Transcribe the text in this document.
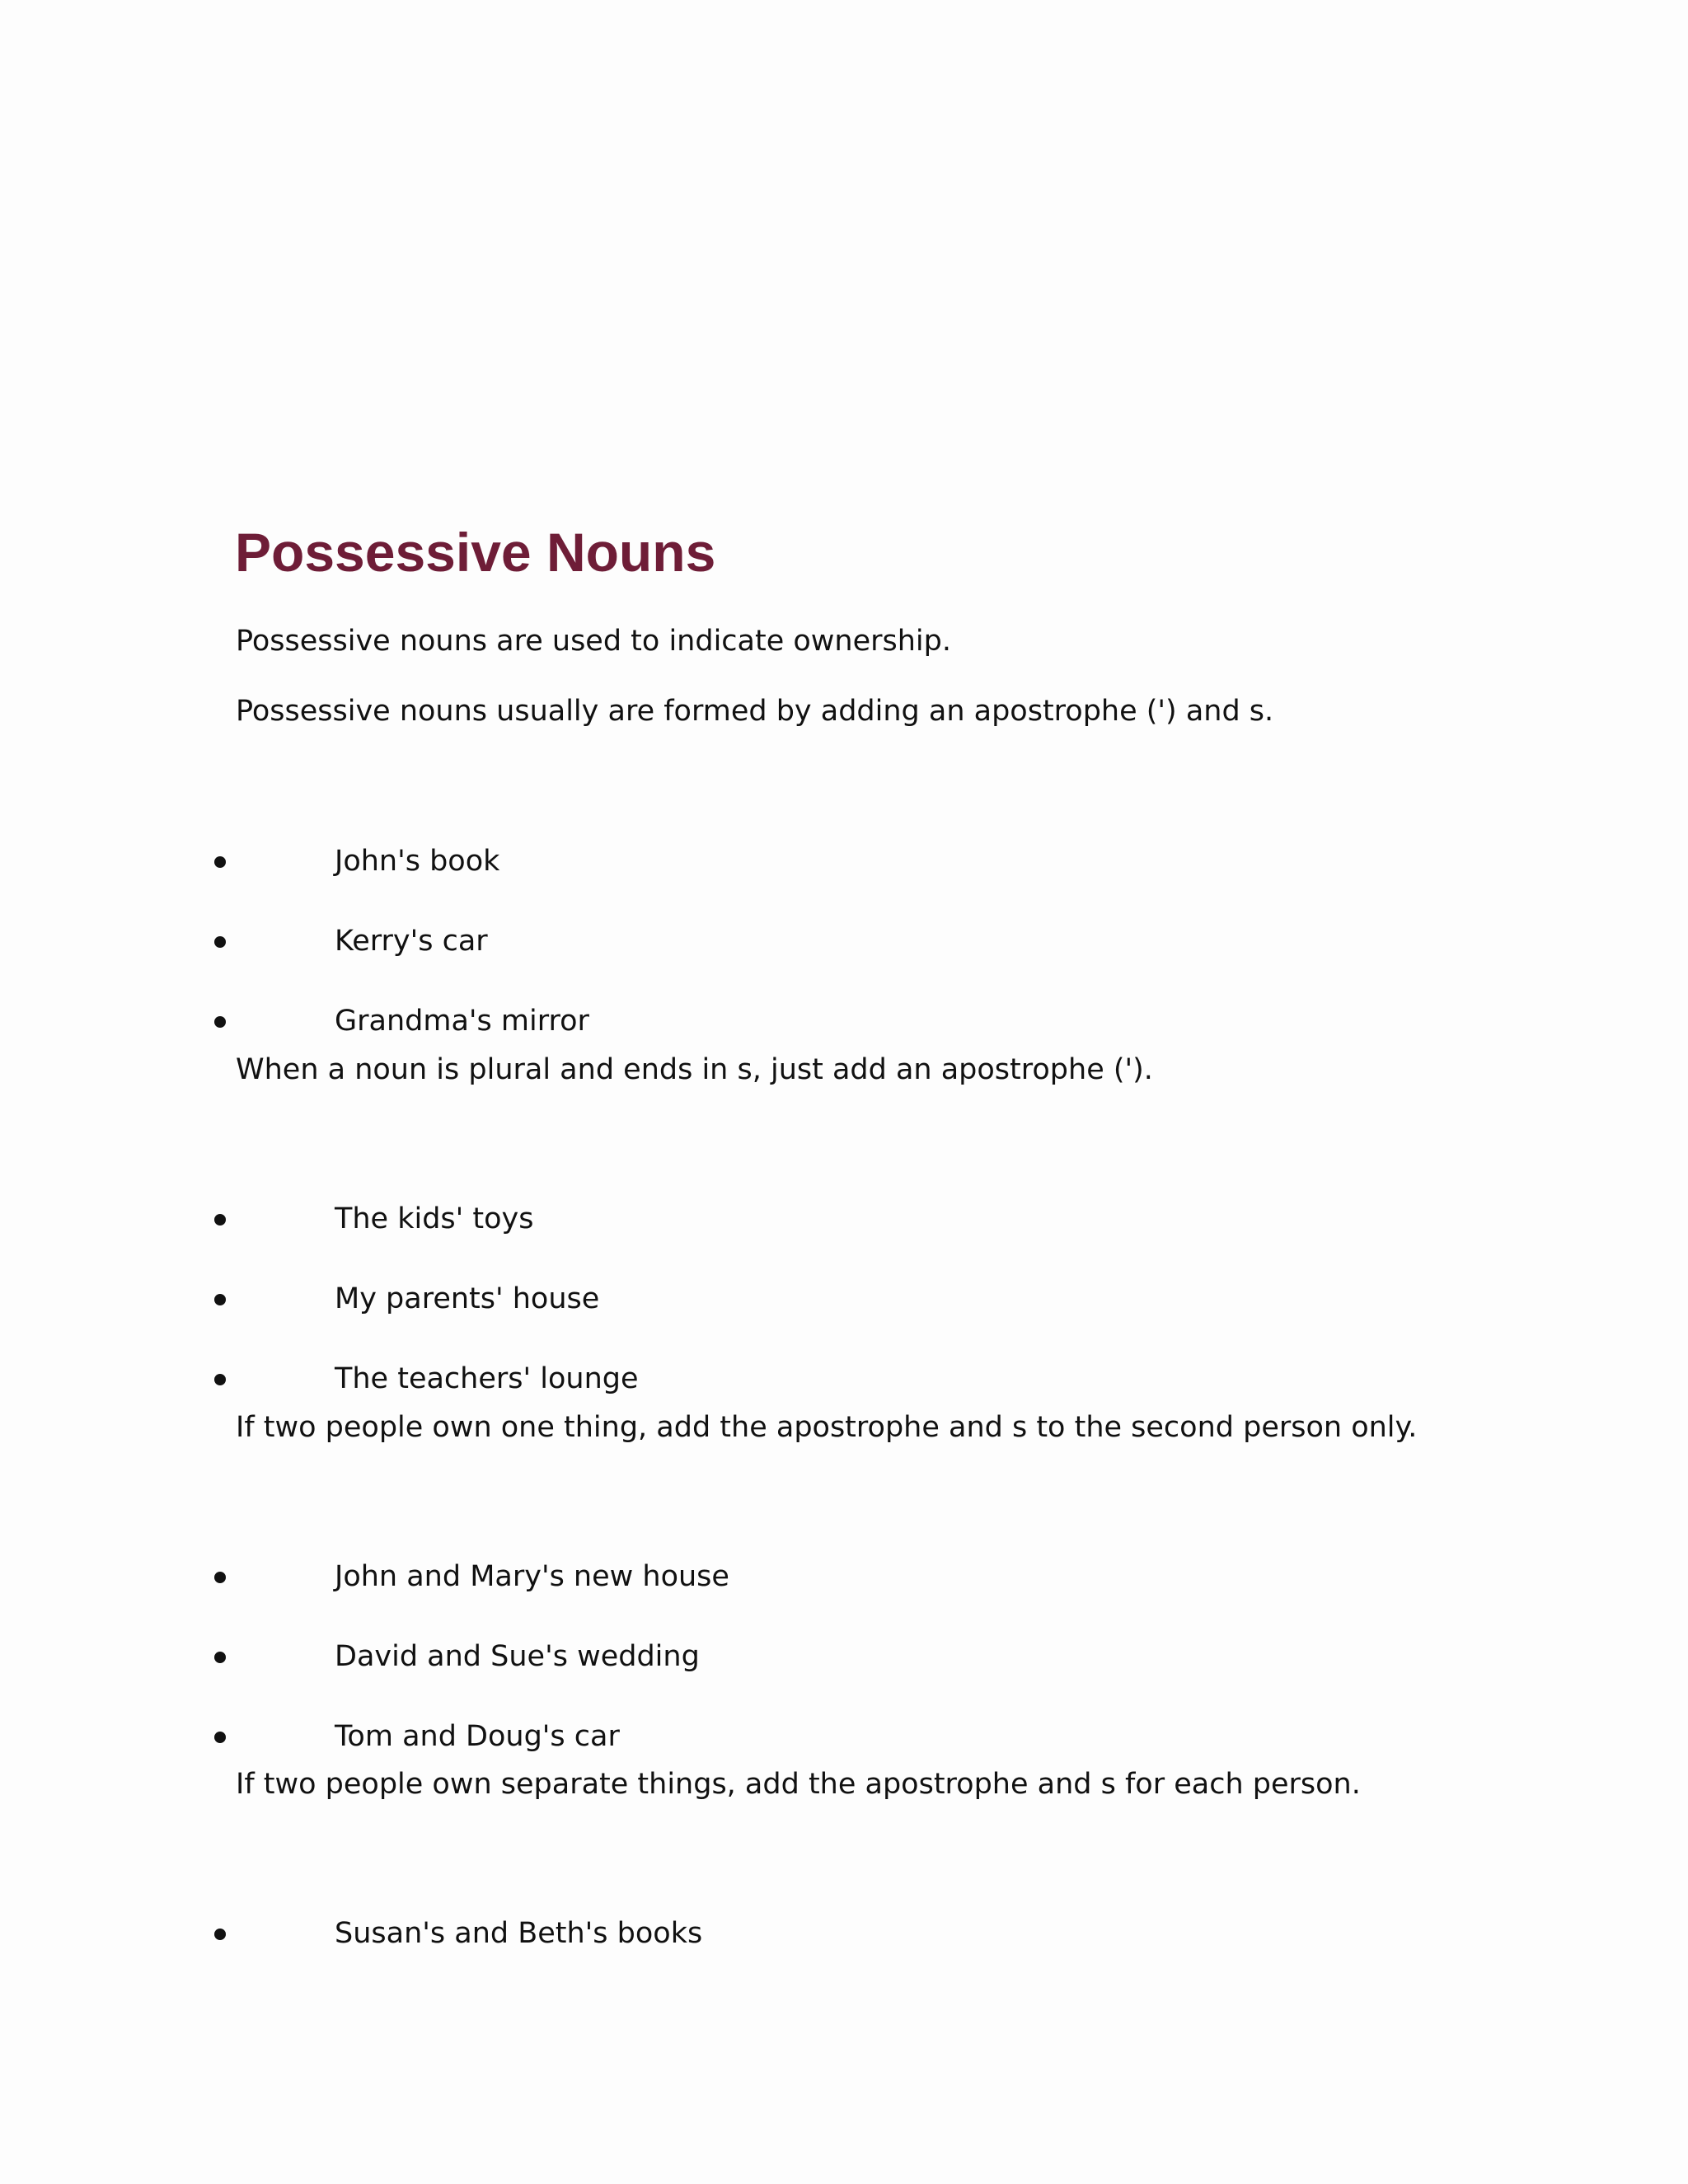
Possessive Nouns

Possessive nouns are used to indicate ownership.

Possessive nouns usually are formed by adding an apostrophe (') and s.

John's book
Kerry's car
Grandma's mirror

When a noun is plural and ends in s, just add an apostrophe (').

The kids' toys
My parents' house
The teachers' lounge

If two people own one thing, add the apostrophe and s to the second person only.

John and Mary's new house
David and Sue's wedding
Tom and Doug's car

If two people own separate things, add the apostrophe and s for each person.

Susan's and Beth's books
